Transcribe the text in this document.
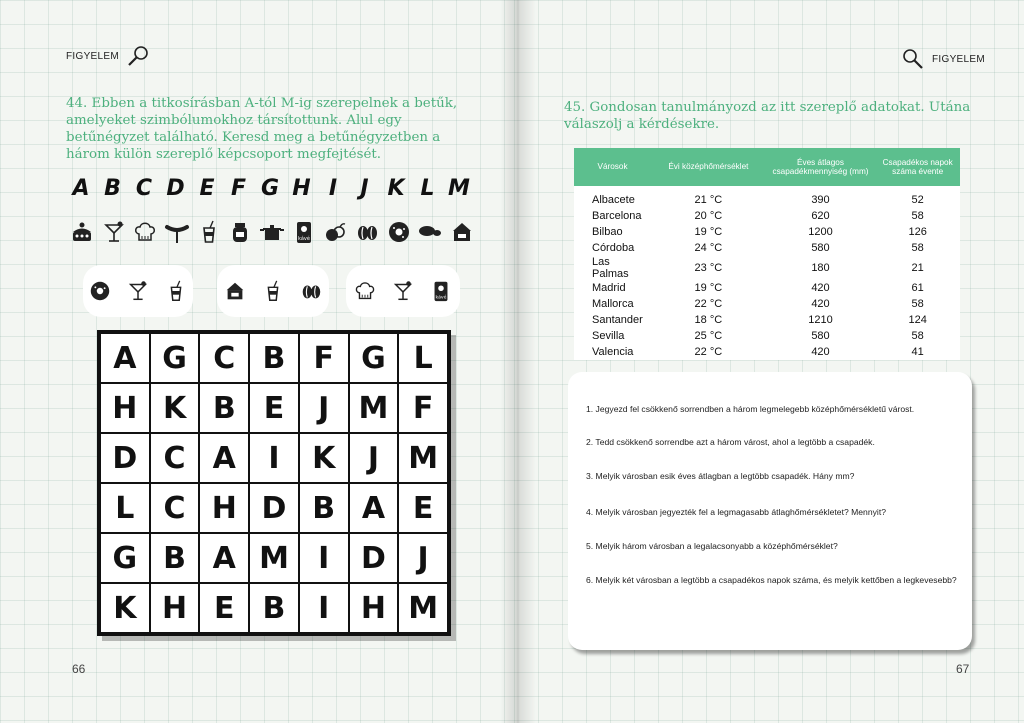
FIGYELEM
44. Ebben a titkosírásban A-tól M-ig szerepelnek a betűk, amelyeket szimbólumokhoz társítottunk. Alul egy betűnégyzet található. Keresd meg a betűnégyzetben a három külön szereplő képcsoport megfejtését.
A B C D E F G H I	J K L M
kávé
kávé
A G C B F G L
H K B E	J M F
D C A	I	K	J M
L C H D B A E
G B A M I	D	J
K H E B	I	H M
66
FIGYELEM
45. Gondosan tanulmányozd az itt szereplő adatokat. Utána válaszolj a kérdésekre.
67
Városok	Évi középhőmérséklet	Éves átlagos csapadékmennyiség (mm)	Csapadékos napok száma évente
Albacete	21 °C	390	52
Barcelona	20 °C	620	58
Bilbao	19 °C	1200	126
Córdoba	24 °C	580	58
Las Palmas	23 °C	180	21
Madrid	19 °C	420	61
Mallorca	22 °C	420	58
Santander	18 °C	1210	124
Sevilla	25 °C	580	58
Valencia	22 °C	420	41
1. Jegyezd fel csökkenő sorrendben a három legmelegebb középhőmérsékletű várost.
2. Tedd csökkenő sorrendbe azt a három várost, ahol a legtöbb a csapadék.
3. Melyik városban esik éves átlagban a legtöbb csapadék. Hány mm?
4. Melyik városban jegyezték fel a legmagasabb átlaghőmérsékletet? Mennyit?
5. Melyik három városban a legalacsonyabb a középhőmérséklet?
6. Melyik két városban a legtöbb a csapadékos napok száma, és melyik kettőben a legkevesebb?
